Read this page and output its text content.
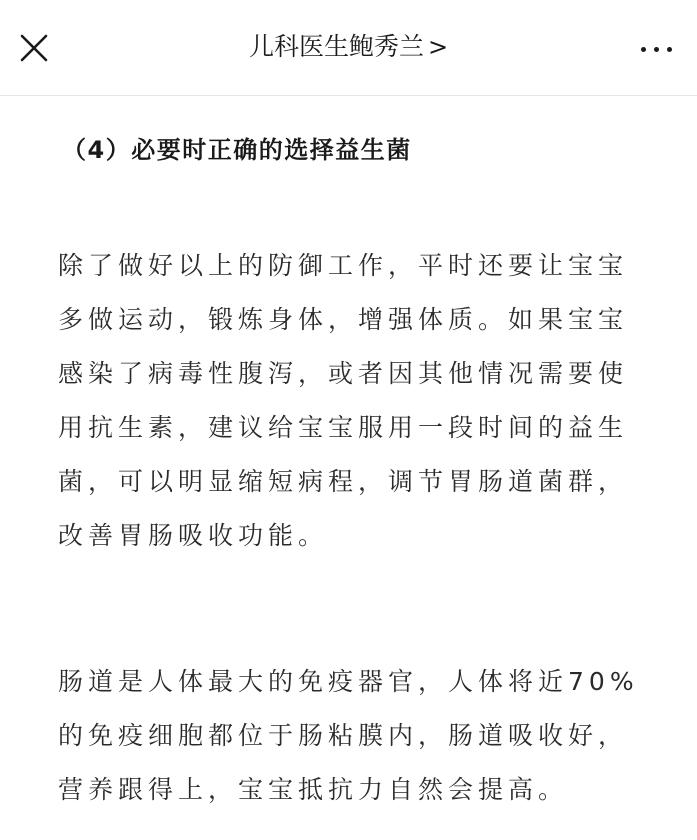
儿科医生鲍秀兰 >
（4）必要时正确的选择益生菌
除了做好以上的防御工作，平时还要让宝宝
多做运动，锻炼身体，增强体质。如果宝宝
感染了病毒性腹泻，或者因其他情况需要使
用抗生素，建议给宝宝服用一段时间的益生
菌，可以明显缩短病程，调节胃肠道菌群，
改善胃肠吸收功能。
肠道是人体最大的免疫器官，人体将近70%
的免疫细胞都位于肠粘膜内，肠道吸收好，
营养跟得上，宝宝抵抗力自然会提高。
